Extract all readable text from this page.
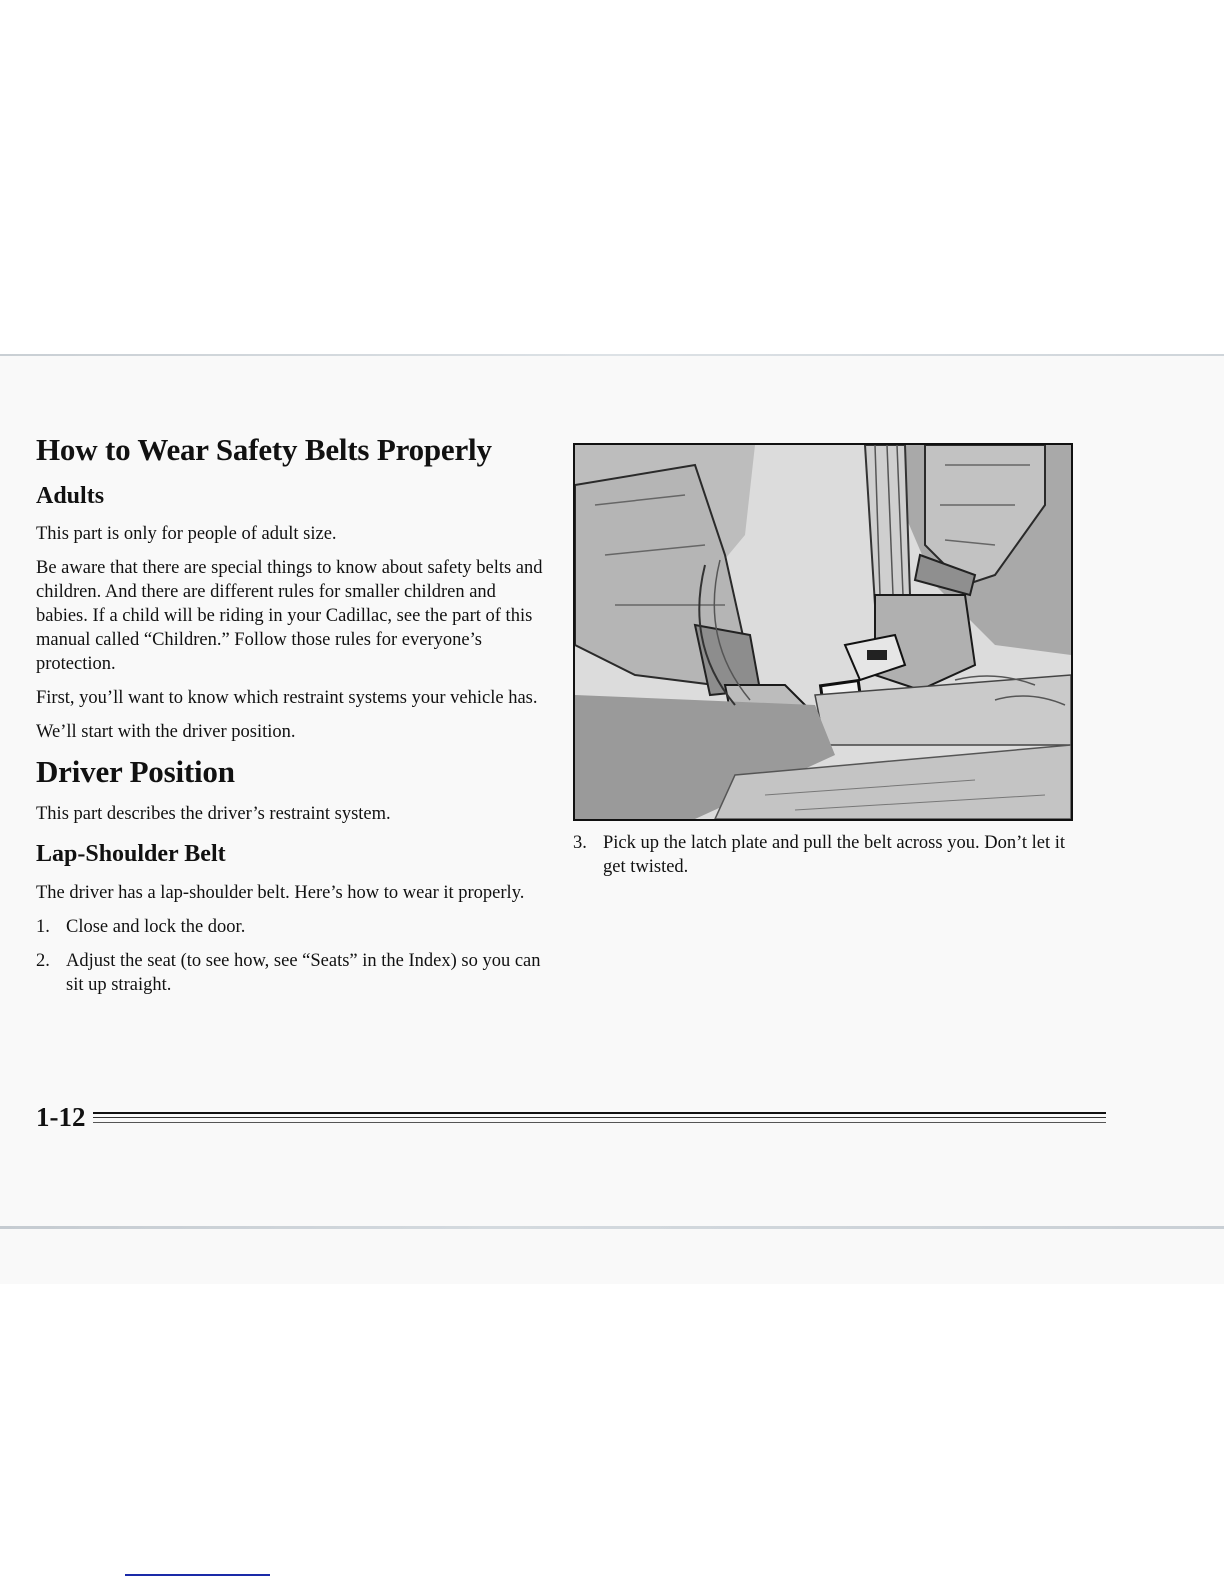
How to Wear Safety Belts Properly
Adults

This part is only for people of adult size.

Be aware that there are special things to know about safety belts and children. And there are different rules for smaller children and babies. If a child will be riding in your Cadillac, see the part of this manual called “Children.” Follow those rules for everyone’s protection.

First, you’ll want to know which restraint systems your vehicle has.

We’ll start with the driver position.

Driver Position

This part describes the driver’s restraint system.

Lap-Shoulder Belt

The driver has a lap-shoulder belt. Here’s how to wear it properly.

1. Close and lock the door.
2. Adjust the seat (to see how, see “Seats” in the Index) so you can sit up straight.
3. Pick up the latch plate and pull the belt across you. Don’t let it get twisted.
1-12
